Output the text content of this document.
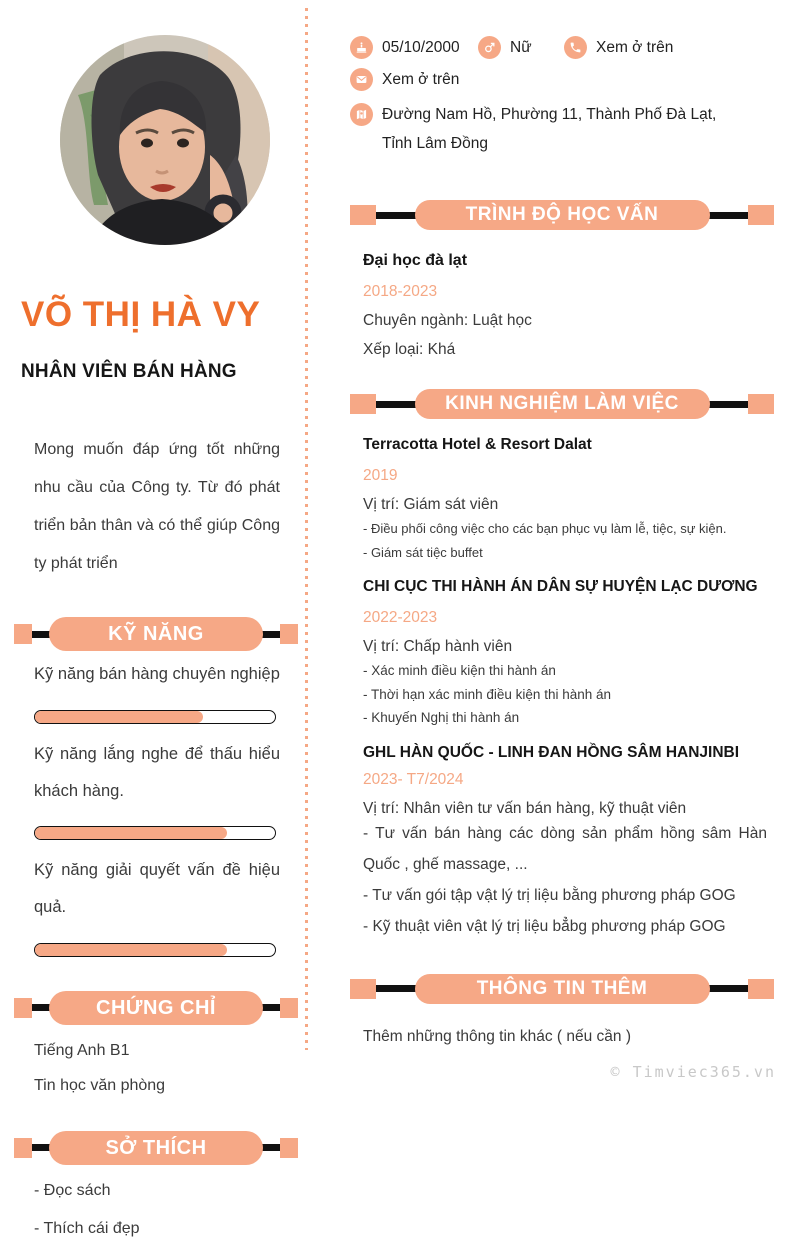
VÕ THỊ HÀ VY
NHÂN VIÊN BÁN HÀNG

Mong muốn đáp ứng tốt những nhu cầu của Công ty. Từ đó phát triển bản thân và có thể giúp Công ty phát triển

KỸ NĂNG

Kỹ năng bán hàng chuyên nghiệp

Kỹ năng lắng nghe để thấu hiểu khách hàng.

Kỹ năng giải quyết vấn đề hiệu quả.

CHỨNG CHỈ

Tiếng Anh B1

Tin học văn phòng

SỞ THÍCH

- Đọc sách

- Thích cái đẹp

05/10/2000	Nữ	Xem ở trên
Xem ở trên
Đường Nam Hồ, Phường 11, Thành Phố Đà Lạt,
Tỉnh Lâm Đồng
TRÌNH ĐỘ HỌC VẤN

Đại học đà lạt

2018-2023

Chuyên ngành: Luật học

Xếp loại: Khá

KINH NGHIỆM LÀM VIỆC

Terracotta Hotel & Resort Dalat

2019

Vị trí: Giám sát viên

- Điều phối công việc cho các bạn phục vụ làm lễ, tiệc, sự kiện.

- Giám sát tiệc buffet

CHI CỤC THI HÀNH ÁN DÂN SỰ HUYỆN LẠC DƯƠNG

2022-2023

Vị trí: Chấp hành viên

- Xác minh điều kiện thi hành án

- Thời hạn xác minh điều kiện thi hành án

- Khuyến Nghị thi hành án

GHL HÀN QUỐC - LINH ĐAN HỒNG SÂM HANJINBI

2023- T7/2024

Vị trí: Nhân viên tư vấn bán hàng, kỹ thuật viên

- Tư vấn bán hàng các dòng sản phẩm hồng sâm Hàn Quốc , ghế massage, ...

- Tư vấn gói tập vật lý trị liệu bằng phương pháp GOG

- Kỹ thuật viên vật lý trị liệu bẳbg phương pháp GOG

THÔNG TIN THÊM

Thêm những thông tin khác ( nếu cần )

© Timviec365.vn
